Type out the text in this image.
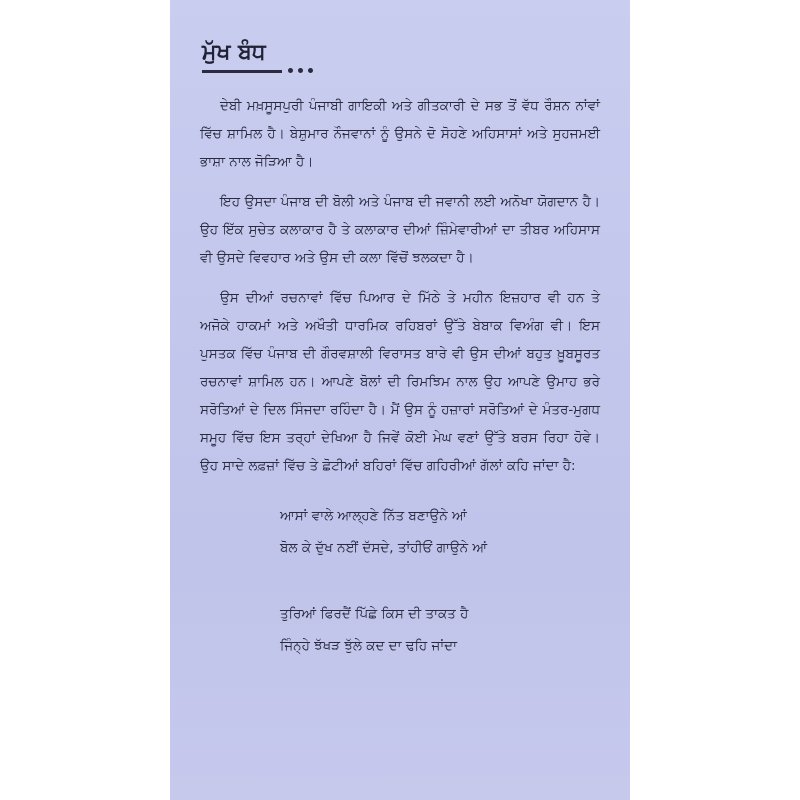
ਮੁੱਖ ਬੰਧ

ਦੇਬੀ ਮਖ਼ਸੂਸਪੁਰੀ ਪੰਜਾਬੀ ਗਾਇਕੀ ਅਤੇ ਗੀਤਕਾਰੀ ਦੇ ਸਭ ਤੋਂ ਵੱਧ ਰੌਸ਼ਨ ਨਾਂਵਾਂ ਵਿੱਚ ਸ਼ਾਮਿਲ ਹੈ। ਬੇਸ਼ੁਮਾਰ ਨੌਜਵਾਨਾਂ ਨੂੰ ਉਸਨੇ ਦੋ ਸੋਹਣੇ ਅਹਿਸਾਸਾਂ ਅਤੇ ਸੁਹਜਮਈ ਭਾਸ਼ਾ ਨਾਲ ਜੋੜਿਆ ਹੈ।

ਇਹ ਉਸਦਾ ਪੰਜਾਬ ਦੀ ਬੋਲੀ ਅਤੇ ਪੰਜਾਬ ਦੀ ਜਵਾਨੀ ਲਈ ਅਨੋਖਾ ਯੋਗਦਾਨ ਹੈ। ਉਹ ਇੱਕ ਸੁਚੇਤ ਕਲਾਕਾਰ ਹੈ ਤੇ ਕਲਾਕਾਰ ਦੀਆਂ ਜ਼ਿੰਮੇਵਾਰੀਆਂ ਦਾ ਤੀਬਰ ਅਹਿਸਾਸ ਵੀ ਉਸਦੇ ਵਿਵਹਾਰ ਅਤੇ ਉਸ ਦੀ ਕਲਾ ਵਿੱਚੋਂ ਝਲਕਦਾ ਹੈ।

ਉਸ ਦੀਆਂ ਰਚਨਾਵਾਂ ਵਿੱਚ ਪਿਆਰ ਦੇ ਮਿੱਠੇ ਤੇ ਮਹੀਨ ਇਜ਼ਹਾਰ ਵੀ ਹਨ ਤੇ ਅਜੋਕੇ ਹਾਕਮਾਂ ਅਤੇ ਅਖੌਤੀ ਧਾਰਮਿਕ ਰਹਿਬਰਾਂ ਉੱਤੇ ਬੇਬਾਕ ਵਿਅੰਗ ਵੀ। ਇਸ ਪੁਸਤਕ ਵਿੱਚ ਪੰਜਾਬ ਦੀ ਗੌਰਵਸ਼ਾਲੀ ਵਿਰਾਸਤ ਬਾਰੇ ਵੀ ਉਸ ਦੀਆਂ ਬਹੁਤ ਖ਼ੂਬਸੂਰਤ ਰਚਨਾਵਾਂ ਸ਼ਾਮਿਲ ਹਨ। ਆਪਣੇ ਬੋਲਾਂ ਦੀ ਰਿਮਝਿਮ ਨਾਲ ਉਹ ਆਪਣੇ ਉਮਾਹ ਭਰੇ ਸਰੋਤਿਆਂ ਦੇ ਦਿਲ ਸਿੰਜਦਾ ਰਹਿੰਦਾ ਹੈ। ਮੈਂ ਉਸ ਨੂੰ ਹਜ਼ਾਰਾਂ ਸਰੋਤਿਆਂ ਦੇ ਮੰਤਰ-ਮੁਗਧ ਸਮੂਹ ਵਿੱਚ ਇਸ ਤਰ੍ਹਾਂ ਦੇਖਿਆ ਹੈ ਜਿਵੇਂ ਕੋਈ ਮੇਘ ਵਣਾਂ ਉੱਤੇ ਬਰਸ ਰਿਹਾ ਹੋਵੇ। ਉਹ ਸਾਦੇ ਲਫ਼ਜ਼ਾਂ ਵਿੱਚ ਤੇ ਛੋਟੀਆਂ ਬਹਿਰਾਂ ਵਿੱਚ ਗਹਿਰੀਆਂ ਗੱਲਾਂ ਕਹਿ ਜਾਂਦਾ ਹੈ:

ਆਸਾਂ ਵਾਲੇ ਆਲ੍ਹਣੇ ਨਿੱਤ ਬਣਾਉਨੇ ਆਂ
ਬੋਲ ਕੇ ਦੁੱਖ ਨਈਂ ਦੱਸਦੇ, ਤਾਂਹੀਓਂ ਗਾਉਨੇ ਆਂ
ਤੁਰਿਆਂ ਫਿਰਦੈਂ ਪਿੱਛੇ ਕਿਸ ਦੀ ਤਾਕਤ ਹੈ
ਜਿੰਨ੍ਹੇ ਝੱਖੜ ਝੁੱਲੇ ਕਦ ਦਾ ਢਹਿ ਜਾਂਦਾ
